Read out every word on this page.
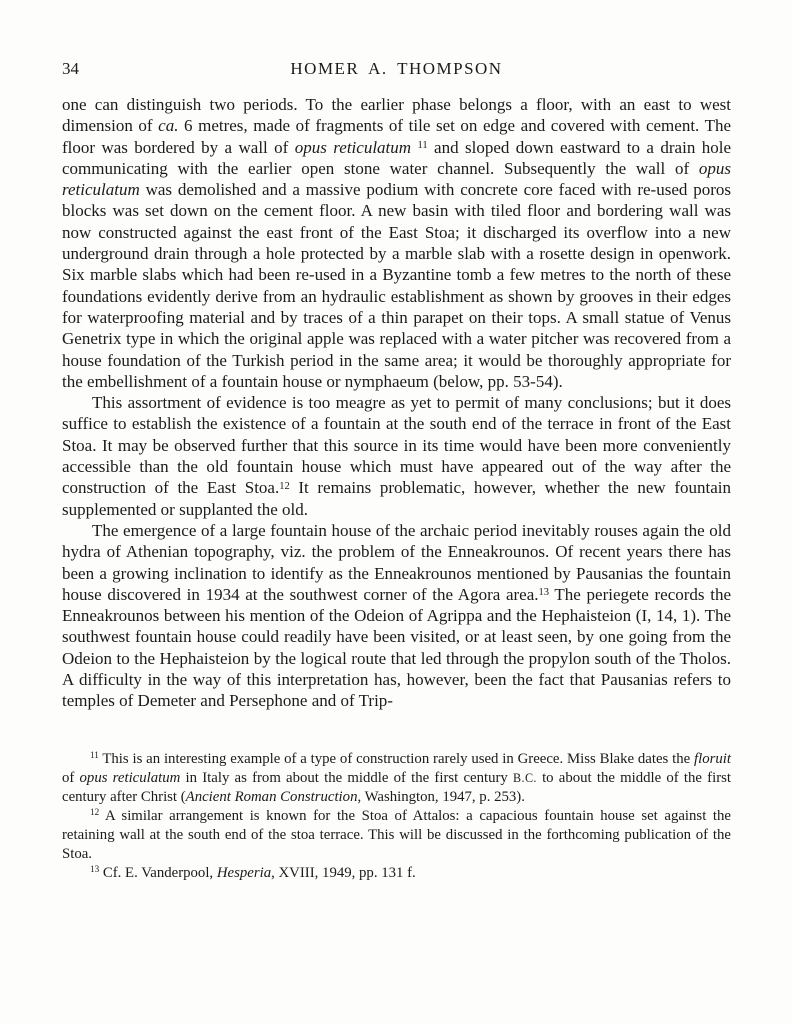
34	HOMER A. THOMPSON

one can distinguish two periods. To the earlier phase belongs a floor, with an east to west dimension of ca. 6 metres, made of fragments of tile set on edge and covered with cement. The floor was bordered by a wall of opus reticulatum $^{11}$ and sloped down eastward to a drain hole communicating with the earlier open stone water channel. Subsequently the wall of opus reticulatum was demolished and a massive podium with concrete core faced with re-used poros blocks was set down on the cement floor. A new basin with tiled floor and bordering wall was now constructed against the east front of the East Stoa; it discharged its overflow into a new underground drain through a hole protected by a marble slab with a rosette design in openwork. Six marble slabs which had been re-used in a Byzantine tomb a few metres to the north of these foundations evidently derive from an hydraulic establishment as shown by grooves in their edges for waterproofing material and by traces of a thin parapet on their tops. A small statue of Venus Genetrix type in which the original apple was replaced with a water pitcher was recovered from a house foundation of the Turkish period in the same area; it would be thoroughly appropriate for the embellishment of a fountain house or nymphaeum (below, pp. 53-54).

This assortment of evidence is too meagre as yet to permit of many conclusions; but it does suffice to establish the existence of a fountain at the south end of the terrace in front of the East Stoa. It may be observed further that this source in its time would have been more conveniently accessible than the old fountain house which must have appeared out of the way after the construction of the East Stoa.$^{12}$ It remains problematic, however, whether the new fountain supplemented or supplanted the old.

The emergence of a large fountain house of the archaic period inevitably rouses again the old hydra of Athenian topography, viz. the problem of the Enneakrounos. Of recent years there has been a growing inclination to identify as the Enneakrounos mentioned by Pausanias the fountain house discovered in 1934 at the southwest corner of the Agora area.$^{13}$ The periegete records the Enneakrounos between his mention of the Odeion of Agrippa and the Hephaisteion (I, 14, 1). The southwest fountain house could readily have been visited, or at least seen, by one going from the Odeion to the Hephaisteion by the logical route that led through the propylon south of the Tholos. A difficulty in the way of this interpretation has, however, been the fact that Pausanias refers to temples of Demeter and Persephone and of Trip-

$^{11}$ This is an interesting example of a type of construction rarely used in Greece. Miss Blake dates the floruit of opus reticulatum in Italy as from about the middle of the first century B.C. to about the middle of the first century after Christ (Ancient Roman Construction, Washington, 1947, p. 253).

$^{12}$ A similar arrangement is known for the Stoa of Attalos: a capacious fountain house set against the retaining wall at the south end of the stoa terrace. This will be discussed in the forthcoming publication of the Stoa.

$^{13}$ Cf. E. Vanderpool, Hesperia, XVIII, 1949, pp. 131 f.
